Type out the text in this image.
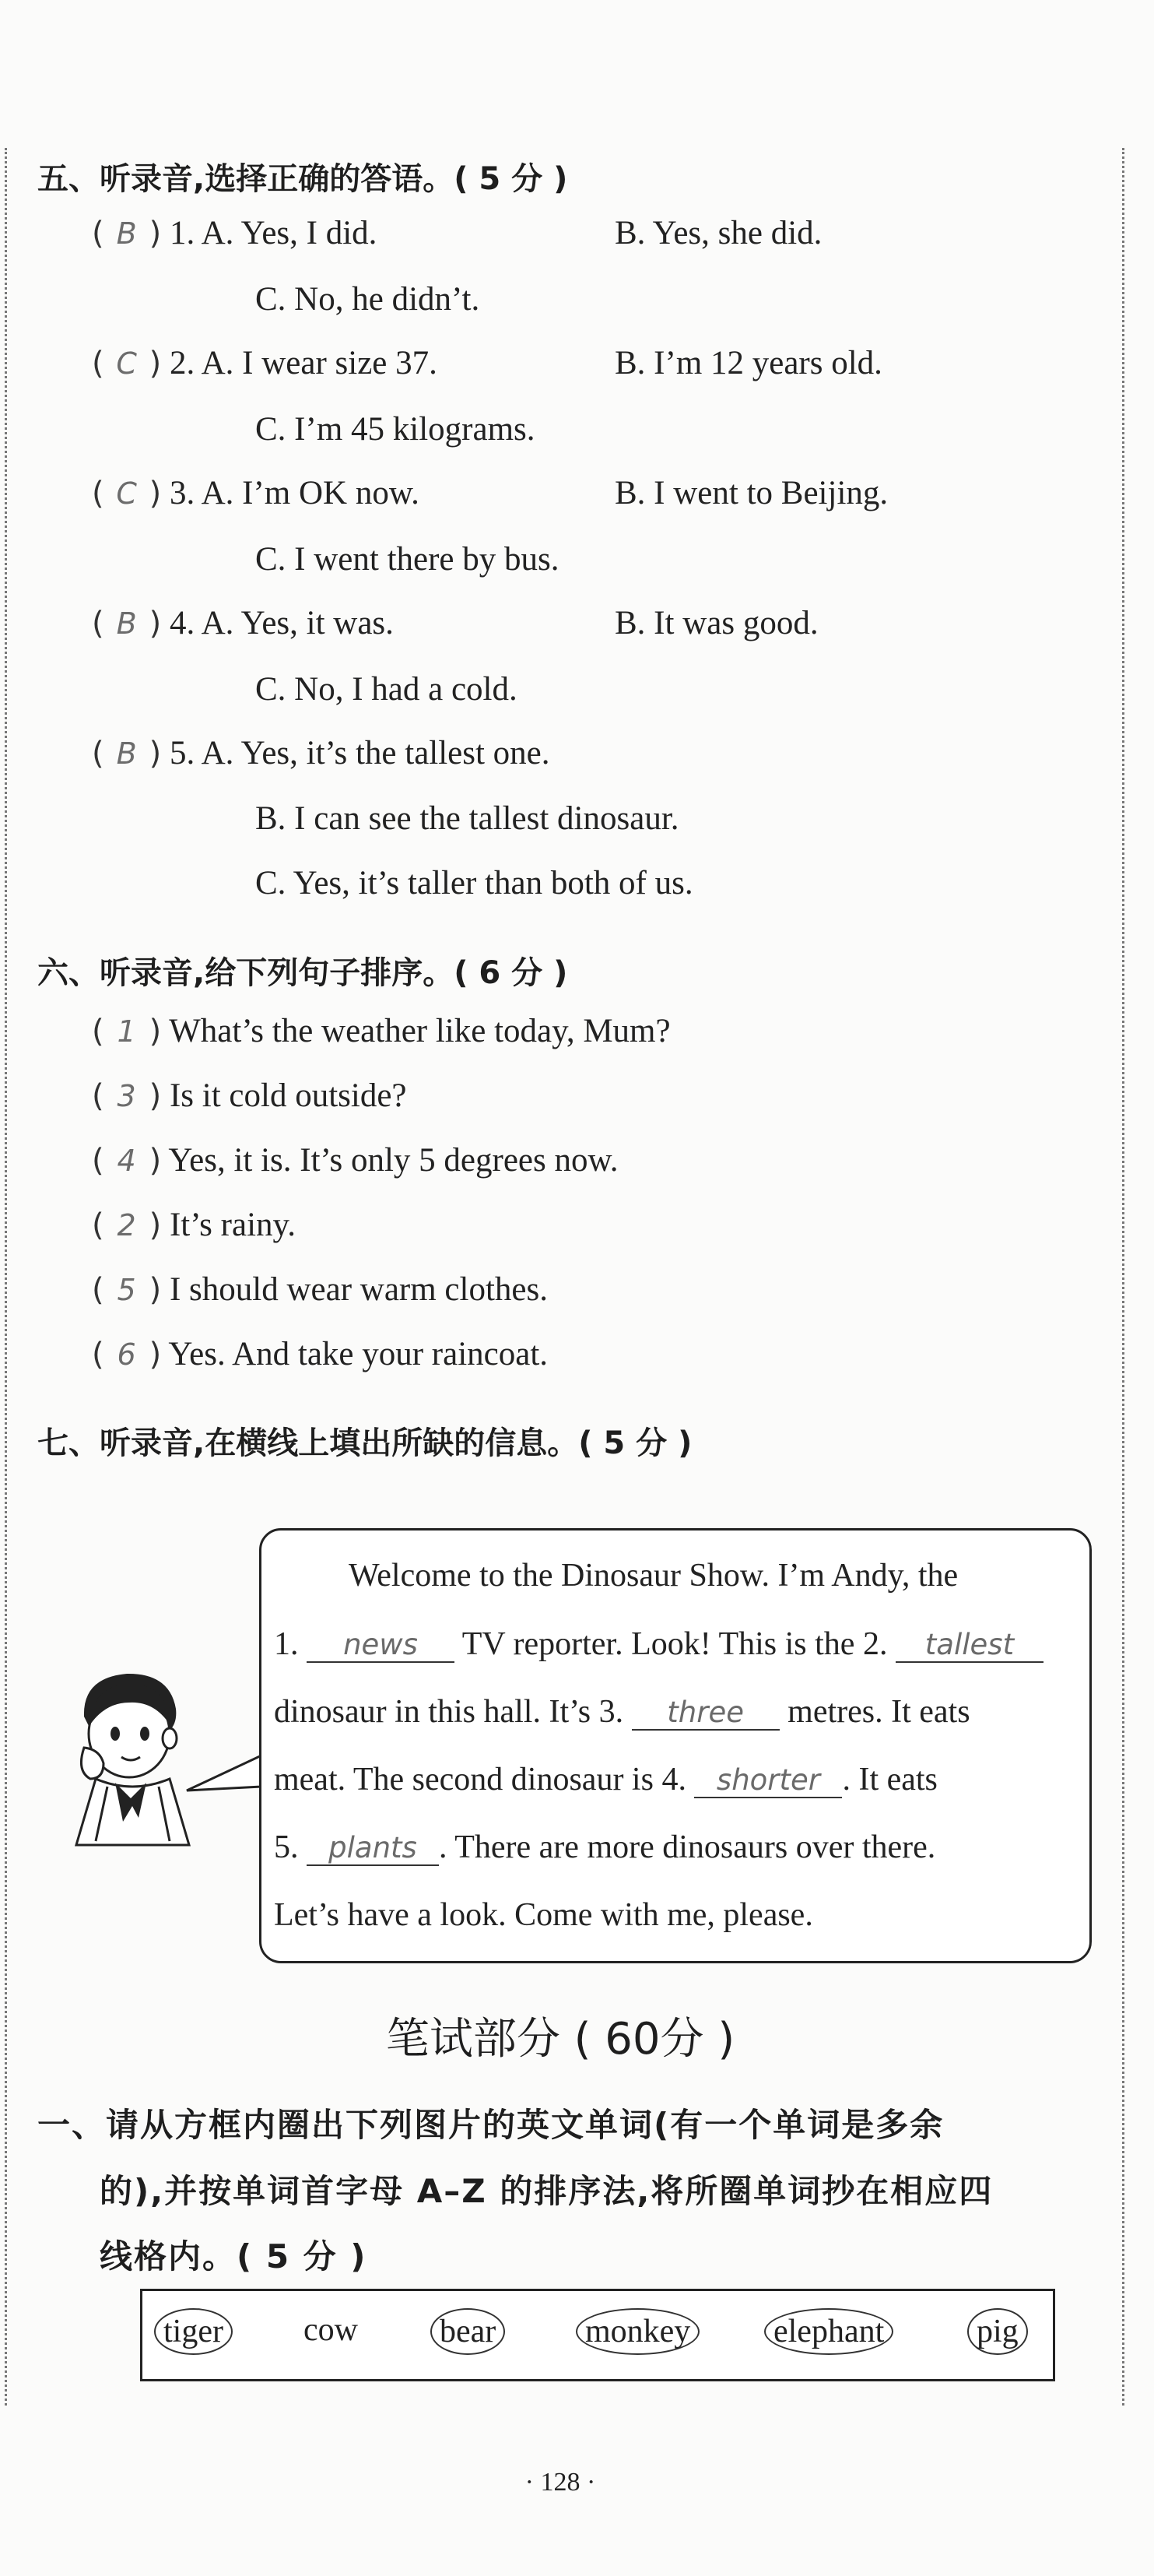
五、听录音,选择正确的答语。( 5 分 )
( B ) 1. A. Yes, I did.	B. Yes, she did.
C. No, he didn’t.
( C ) 2. A. I wear size 37.	B. I’m 12 years old.
C. I’m 45 kilograms.
( C ) 3. A. I’m OK now.	B. I went to Beijing.
C. I went there by bus.
( B ) 4. A. Yes, it was.	B. It was good.
C. No, I had a cold.
( B ) 5. A. Yes, it’s the tallest one.
B. I can see the tallest dinosaur.
C. Yes, it’s taller than both of us.
六、听录音,给下列句子排序。( 6 分 )
( 1 ) What’s the weather like today, Mum?
( 3 ) Is it cold outside?
( 4 ) Yes, it is. It’s only 5 degrees now.
( 2 ) It’s rainy.
( 5 ) I should wear warm clothes.
( 6 ) Yes. And take your raincoat.
七、听录音,在横线上填出所缺的信息。( 5 分 )
Welcome to the Dinosaur Show. I’m Andy, the
1. news TV reporter. Look! This is the 2. tallest
dinosaur in this hall. It’s 3. three metres. It eats
meat. The second dinosaur is 4. shorter . It eats
5. plants . There are more dinosaurs over there.
Let’s have a look. Come with me, please.
笔试部分 ( 60分 )
一、请从方框内圈出下列图片的英文单词(有一个单词是多余
的),并按单词首字母 A–Z 的排序法,将所圈单词抄在相应四
线格内。( 5 分 )
tiger cow	bear	monkey	elephant	pig
· 128 ·
